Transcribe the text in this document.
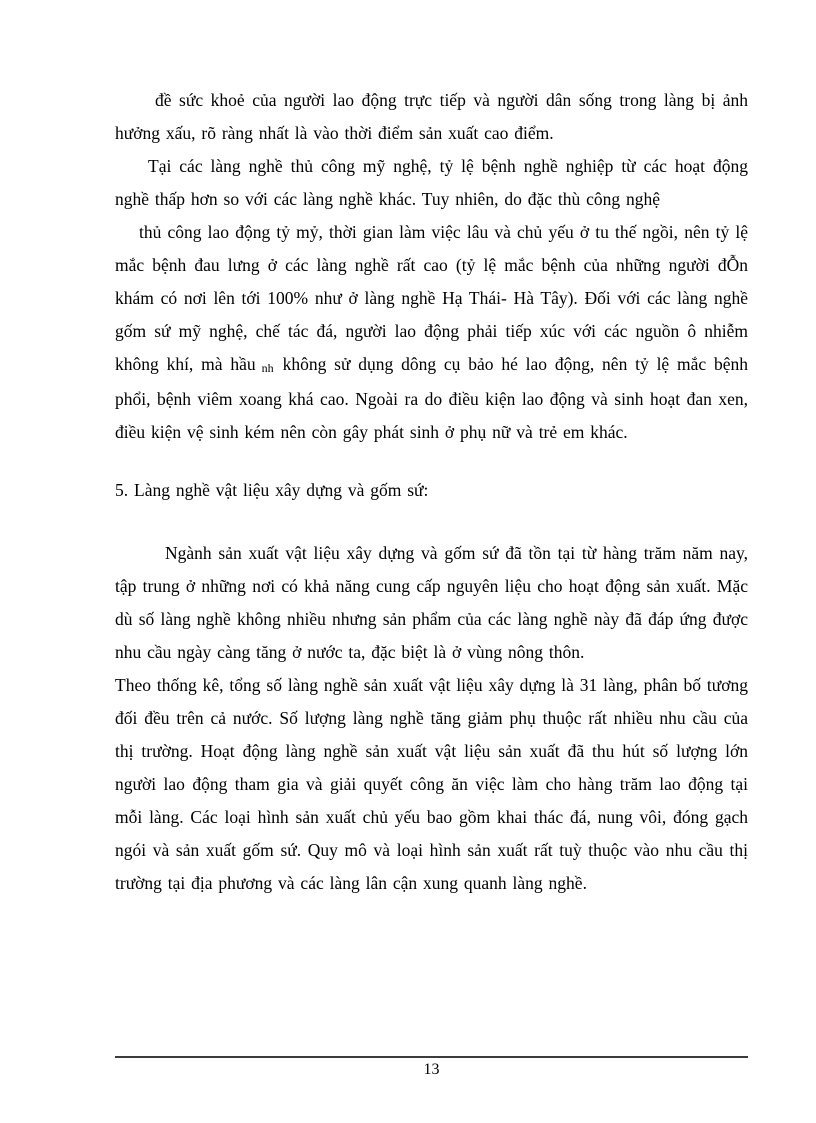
đề sức khoẻ của người lao động trực tiếp và người dân sống trong làng bị ảnh hưởng xấu, rõ ràng nhất là vào thời điểm sản xuất cao điểm.

Tại các làng nghề thủ công mỹ nghệ, tỷ lệ bệnh nghề nghiệp từ các hoạt động nghề thấp hơn so với các làng nghề khác. Tuy nhiên, do đặc thù công nghệ

thủ công lao động tỷ mỷ, thời gian làm việc lâu và chủ yếu ở tu thế ngồi, nên tỷ lệ mắc bệnh đau lưng ở các làng nghề rất cao (tỷ lệ mắc bệnh của những người đỖn khám có nơi lên tới 100% như ở làng nghề Hạ Thái- Hà Tây). Đối với các làng nghề gốm sứ mỹ nghệ, chế tác đá, người lao động phải tiếp xúc với các nguồn ô nhiễm không khí, mà hầu nh không sử dụng dông cụ bảo hé lao động, nên tỷ lệ mắc bệnh phổi, bệnh viêm xoang khá cao. Ngoài ra do điều kiện lao động và sinh hoạt đan xen, điều kiện vệ sinh kém nên còn gây phát sinh ở phụ nữ và trẻ em khác.

5. Làng nghề vật liệu xây dựng và gốm sứ:

Ngành sản xuất vật liệu xây dựng và gốm sứ đã tồn tại từ hàng trăm năm nay, tập trung ở những nơi có khả năng cung cấp nguyên liệu cho hoạt động sản xuất. Mặc dù số làng nghề không nhiều nhưng sản phẩm của các làng nghề này đã đáp ứng được nhu cầu ngày càng tăng ở nước ta, đặc biệt là ở vùng nông thôn.

Theo thống kê, tổng số làng nghề sản xuất vật liệu xây dựng là 31 làng, phân bố tương đối đều trên cả nước. Số lượng làng nghề tăng giảm phụ thuộc rất nhiều nhu cầu của thị trường. Hoạt động làng nghề sản xuất vật liệu sản xuất đã thu hút số lượng lớn người lao động tham gia và giải quyết công ăn việc làm cho hàng trăm lao động tại mỗi làng. Các loại hình sản xuất chủ yếu bao gồm khai thác đá, nung vôi, đóng gạch ngói và sản xuất gốm sứ. Quy mô và loại hình sản xuất rất tuỳ thuộc vào nhu cầu thị trường tại địa phương và các làng lân cận xung quanh làng nghề.

13
